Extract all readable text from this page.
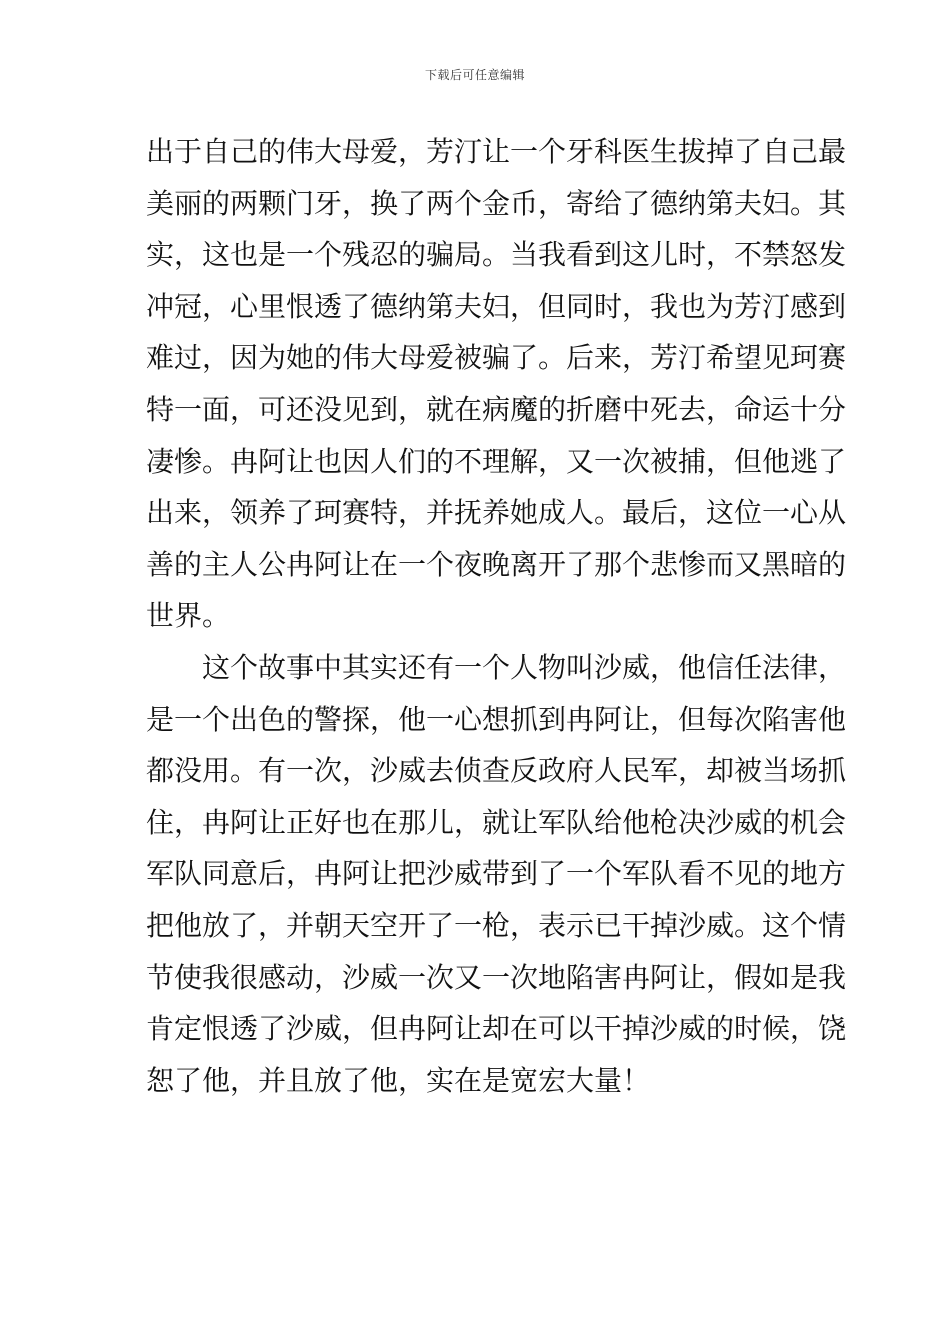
下载后可任意编辑
出于自己的伟大母爱，芳汀让一个牙科医生拔掉了自己最
美丽的两颗门牙，换了两个金币，寄给了德纳第夫妇。其
实，这也是一个残忍的骗局。当我看到这儿时，不禁怒发
冲冠，心里恨透了德纳第夫妇，但同时，我也为芳汀感到
难过，因为她的伟大母爱被骗了。后来，芳汀希望见珂赛
特一面，可还没见到，就在病魔的折磨中死去，命运十分
凄惨。冉阿让也因人们的不理解，又一次被捕，但他逃了
出来，领养了珂赛特，并抚养她成人。最后，这位一心从
善的主人公冉阿让在一个夜晚离开了那个悲惨而又黑暗的
世界。
这个故事中其实还有一个人物叫沙威，他信任法律，
是一个出色的警探，他一心想抓到冉阿让，但每次陷害他
都没用。有一次，沙威去侦查反政府人民军，却被当场抓
住，冉阿让正好也在那儿，就让军队给他枪决沙威的机会
军队同意后，冉阿让把沙威带到了一个军队看不见的地方
把他放了，并朝天空开了一枪，表示已干掉沙威。这个情
节使我很感动，沙威一次又一次地陷害冉阿让，假如是我
肯定恨透了沙威，但冉阿让却在可以干掉沙威的时候，饶
恕了他，并且放了他，实在是宽宏大量！
